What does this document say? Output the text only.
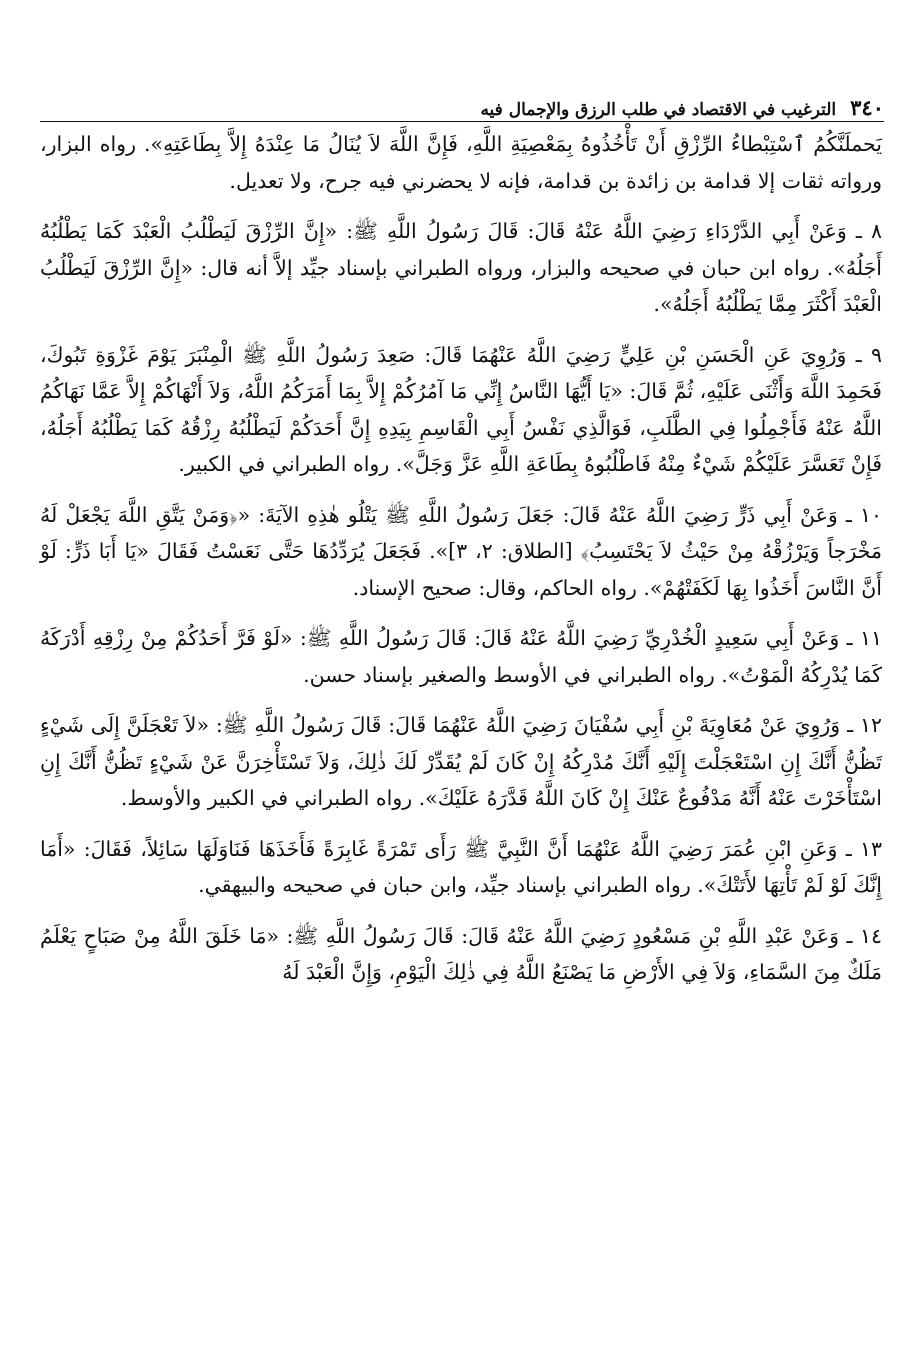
٣٤٠
الترغيب في الاقتصاد في طلب الرزق والإجمال فيه

يَحملَنَّكُمُ ٱسْتِبْطاءُ الرِّزْقِ أَنْ تَأْخُذُوهُ بِمَعْصِيَةِ اللَّهِ، فَإِنَّ اللَّهَ لاَ يُنَالُ مَا عِنْدَهُ إِلاَّ بِطَاعَتِهِ». رواه البزار، ورواته ثقات إلا قدامة بن زائدة بن قدامة، فإنه لا يحضرني فيه جرح، ولا تعديل.

٨ ـ وَعَنْ أَبِي الدَّرْدَاءِ رَضِيَ اللَّهُ عَنْهُ قَالَ: قَالَ رَسُولُ اللَّهِ ﷺ: «إِنَّ الرِّزْقَ لَيَطْلُبُ الْعَبْدَ كَمَا يَطْلُبُهُ أَجَلُهُ». رواه ابن حبان في صحيحه والبزار، ورواه الطبراني بإسناد جيِّد إلاَّ أنه قال: «إِنَّ الرِّزْقَ لَيَطْلُبُ الْعَبْدَ أَكْثَرَ مِمَّا يَطْلُبُهُ أَجَلُهُ».

٩ ـ وَرُوِيَ عَنِ الْحَسَنِ بْنِ عَلِيٍّ رَضِيَ اللَّهُ عَنْهُمَا قَالَ: صَعِدَ رَسُولُ اللَّهِ ﷺ الْمِنْبَرَ يَوْمَ غَزْوَةِ تَبُوكَ، فَحَمِدَ اللَّهَ وَأَثْنَى عَلَيْهِ، ثُمَّ قَالَ: «يَا أَيُّهَا النَّاسُ إِنِّي مَا آمُرُكُمْ إِلاَّ بِمَا أَمَرَكُمُ اللَّهُ، وَلاَ أَنْهَاكُمْ إِلاَّ عَمَّا نَهَاكُمُ اللَّهُ عَنْهُ فَأَجْمِلُوا فِي الطَّلَبِ، فَوَالَّذِي نَفْسُ أَبِي الْقَاسِمِ بِيَدِهِ إِنَّ أَحَدَكُمْ لَيَطْلُبُهُ رِزْقُهُ كَمَا يَطْلُبُهُ أَجَلُهُ، فَإِنْ تَعَسَّرَ عَلَيْكُمْ شَيْءٌ مِنْهُ فَاطْلُبُوهُ بِطَاعَةِ اللَّهِ عَزَّ وَجَلَّ». رواه الطبراني في الكبير.

١٠ ـ وَعَنْ أَبِي ذَرٍّ رَضِيَ اللَّهُ عَنْهُ قَالَ: جَعَلَ رَسُولُ اللَّهِ ﷺ يَتْلُو هٰذِهِ الآيَةَ: «﴿وَمَنْ يَتَّقِ اللَّهَ يَجْعَلْ لَهُ مَخْرَجاً وَيَرْزُقْهُ مِنْ حَيْثُ لاَ يَحْتَسِبُ﴾ [الطلاق: ٢، ٣]». فَجَعَلَ يُرَدِّدُهَا حَتَّى نَعَسْتُ فَقَالَ «يَا أَبَا ذَرٍّ: لَوْ أَنَّ النَّاسَ أَخَذُوا بِهَا لَكَفَتْهُمْ». رواه الحاكم، وقال: صحيح الإسناد.

١١ ـ وَعَنْ أَبِي سَعِيدٍ الْخُدْرِيِّ رَضِيَ اللَّهُ عَنْهُ قَالَ: قَالَ رَسُولُ اللَّهِ ﷺ: «لَوْ فَرَّ أَحَدُكُمْ مِنْ رِزْقِهِ أَدْرَكَهُ كَمَا يُدْرِكُهُ الْمَوْتُ». رواه الطبراني في الأوسط والصغير بإسناد حسن.

١٢ ـ وَرُوِيَ عَنْ مُعَاوِيَةَ بْنِ أَبِي سُفْيَانَ رَضِيَ اللَّهُ عَنْهُمَا قَالَ: قَالَ رَسُولُ اللَّهِ ﷺ: «لاَ تَعْجَلَنَّ إِلَى شَيْءٍ تَظُنُّ أَنَّكَ إِنِ اسْتَعْجَلْتَ إِلَيْهِ أَنَّكَ مُدْرِكُهُ إِنْ كَانَ لَمْ يُقَدِّرْ لَكَ ذٰلِكَ، وَلاَ تَسْتَأْخِرَنَّ عَنْ شَيْءٍ تَظُنُّ أَنَّكَ إِنِ اسْتَأْخَرْتَ عَنْهُ أَنَّهُ مَدْفُوعٌ عَنْكَ إِنْ كَانَ اللَّهُ قَدَّرَهُ عَلَيْكَ». رواه الطبراني في الكبير والأوسط.

١٣ ـ وَعَنِ ابْنِ عُمَرَ رَضِيَ اللَّهُ عَنْهُمَا أَنَّ النَّبِيَّ ﷺ رَأَى تَمْرَةً غَابِرَةً فَأَخَذَهَا فَنَاوَلَهَا سَائِلاً، فَقَالَ: «أَمَا إِنَّكَ لَوْ لَمْ تَأْتِهَا لأَتَتْكَ». رواه الطبراني بإسناد جيِّد، وابن حبان في صحيحه والبيهقي.

١٤ ـ وَعَنْ عَبْدِ اللَّهِ بْنِ مَسْعُودٍ رَضِيَ اللَّهُ عَنْهُ قَالَ: قَالَ رَسُولُ اللَّهِ ﷺ: «مَا خَلَقَ اللَّهُ مِنْ صَبَاحٍ يَعْلَمُ مَلَكٌ مِنَ السَّمَاءِ، وَلاَ فِي الأَرْضِ مَا يَصْنَعُ اللَّهُ فِي ذٰلِكَ الْيَوْمِ، وَإِنَّ الْعَبْدَ لَهُ
